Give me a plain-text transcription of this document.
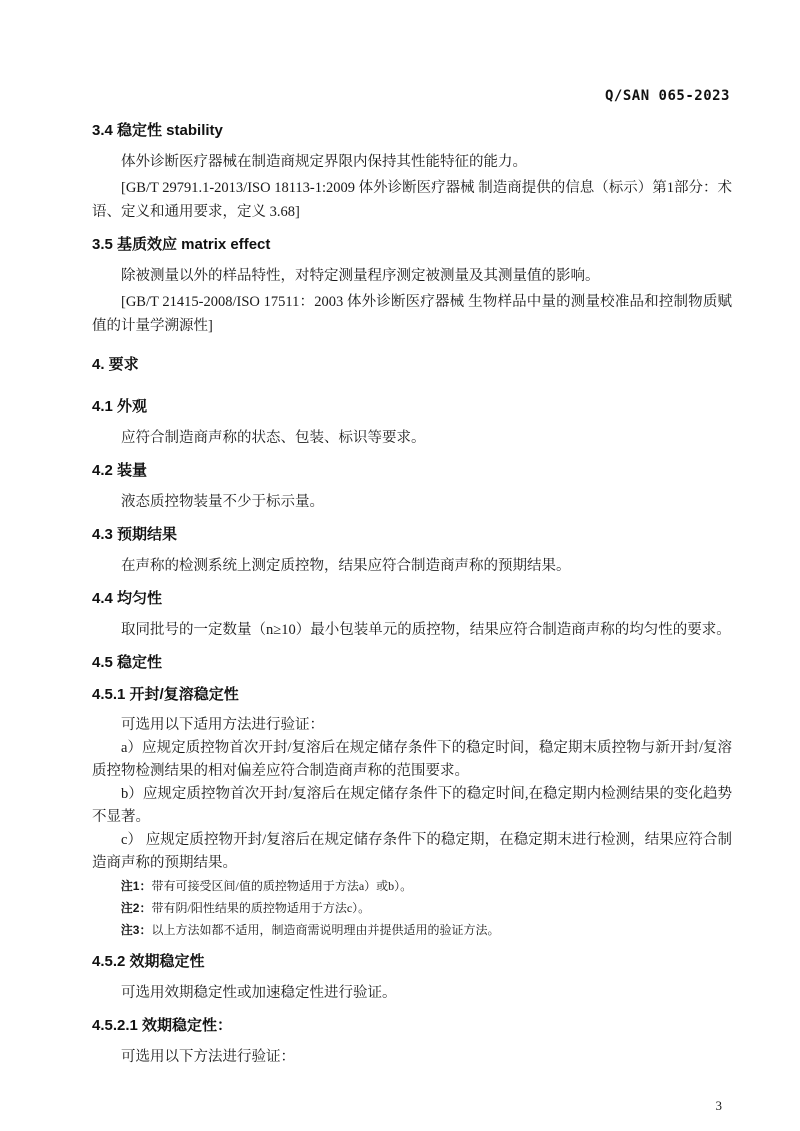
Q/SAN 065-2023
3.4 稳定性 stability

体外诊断医疗器械在制造商规定界限内保持其性能特征的能力。

[GB/T 29791.1-2013/ISO 18113-1:2009 体外诊断医疗器械 制造商提供的信息（标示）第1部分：术语、定义和通用要求，定义 3.68]

3.5 基质效应 matrix effect

除被测量以外的样品特性，对特定测量程序测定被测量及其测量值的影响。

[GB/T 21415-2008/ISO 17511：2003 体外诊断医疗器械 生物样品中量的测量校准品和控制物质赋值的计量学溯源性]

4. 要求
4.1 外观

应符合制造商声称的状态、包装、标识等要求。

4.2 装量

液态质控物装量不少于标示量。

4.3 预期结果

在声称的检测系统上测定质控物，结果应符合制造商声称的预期结果。

4.4 均匀性

取同批号的一定数量（n≥10）最小包装单元的质控物，结果应符合制造商声称的均匀性的要求。

4.5 稳定性
4.5.1 开封/复溶稳定性

可选用以下适用方法进行验证：

a）应规定质控物首次开封/复溶后在规定储存条件下的稳定时间，稳定期末质控物与新开封/复溶质控物检测结果的相对偏差应符合制造商声称的范围要求。

b）应规定质控物首次开封/复溶后在规定储存条件下的稳定时间,在稳定期内检测结果的变化趋势不显著。

c） 应规定质控物开封/复溶后在规定储存条件下的稳定期，在稳定期末进行检测，结果应符合制造商声称的预期结果。

注1：带有可接受区间/值的质控物适用于方法a）或b）。

注2：带有阴/阳性结果的质控物适用于方法c）。

注3：以上方法如都不适用，制造商需说明理由并提供适用的验证方法。

4.5.2 效期稳定性

可选用效期稳定性或加速稳定性进行验证。

4.5.2.1 效期稳定性：

可选用以下方法进行验证：

3
